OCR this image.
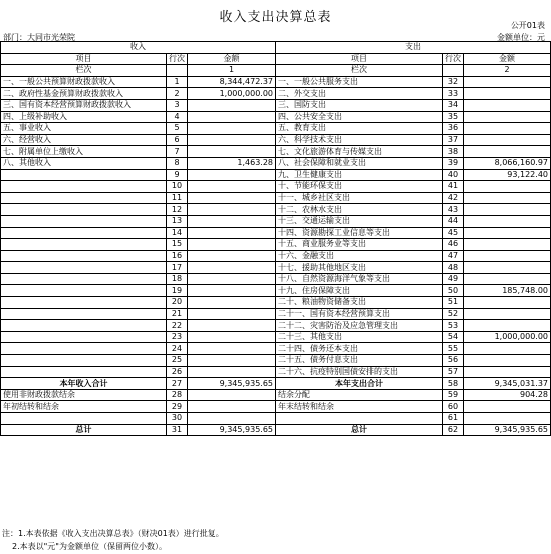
收入支出决算总表
公开01表
部门：大同市光荣院	金额单位：元
收入			支出		
项目	行次	金额	项目	行次	金额
栏次		1	栏次		2
一、一般公共预算财政拨款收入	1	8,344,472.37	一、一般公共服务支出	32	
二、政府性基金预算财政拨款收入	2	1,000,000.00	二、外交支出	33	
三、国有资本经营预算财政拨款收入	3		三、国防支出	34	
四、上级补助收入	4		四、公共安全支出	35	
五、事业收入	5		五、教育支出	36	
六、经营收入	6		六、科学技术支出	37	
七、附属单位上缴收入	7		七、文化旅游体育与传媒支出	38	
八、其他收入	8	1,463.28	八、社会保障和就业支出	39	8,066,160.97
	9		九、卫生健康支出	40	93,122.40
	10		十、节能环保支出	41	
	11		十一、城乡社区支出	42	
	12		十二、农林水支出	43	
	13		十三、交通运输支出	44	
	14		十四、资源勘探工业信息等支出	45	
	15		十五、商业服务业等支出	46	
	16		十六、金融支出	47	
	17		十七、援助其他地区支出	48	
	18		十八、自然资源海洋气象等支出	49	
	19		十九、住房保障支出	50	185,748.00
	20		二十、粮油物资储备支出	51	
	21		二十一、国有资本经营预算支出	52	
	22		二十二、灾害防治及应急管理支出	53	
	23		二十三、其他支出	54	1,000,000.00
	24		二十四、债务还本支出	55	
	25		二十五、债务付息支出	56	
	26		二十六、抗疫特别国债安排的支出	57	
本年收入合计	27	9,345,935.65	本年支出合计	58	9,345,031.37
使用非财政拨款结余	28		结余分配	59	904.28
年初结转和结余	29		年末结转和结余	60	
	30			61	
总计	31	9,345,935.65	总计	62	9,345,935.65
注：1.本表依据《收入支出决算总表》（财决01表）进行批复。
2.本表以"元"为金额单位（保留两位小数）。
